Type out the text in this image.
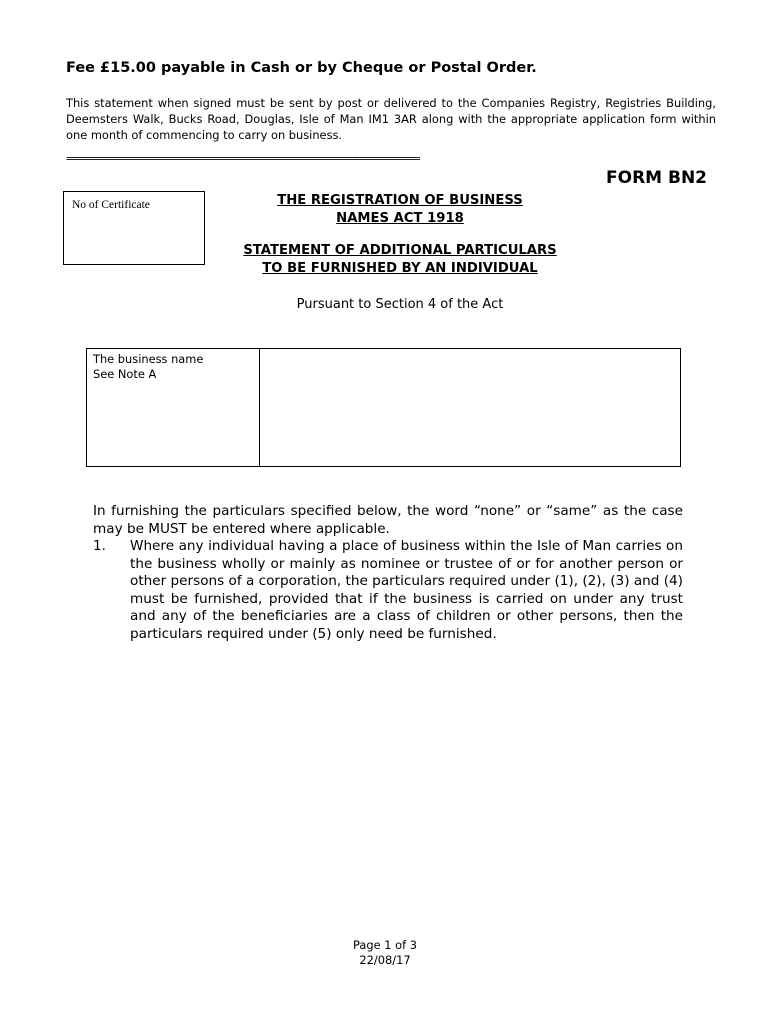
Fee £15.00 payable in Cash or by Cheque or Postal Order.
This statement when signed must be sent by post or delivered to the Companies Registry, Registries Building, Deemsters Walk, Bucks Road, Douglas, Isle of Man IM1 3AR along with the appropriate application form within one month of commencing to carry on business.
================================================================
FORM BN2
No of Certificate	THE REGISTRATION OF BUSINESS
NAMES ACT 1918
STATEMENT OF ADDITIONAL PARTICULARS
TO BE FURNISHED BY AN INDIVIDUAL
Pursuant to Section 4 of the Act
The business name
See Note A
In furnishing the particulars specified below, the word “none” or “same” as the case may be MUST be entered where applicable.
1. Where any individual having a place of business within the Isle of Man carries on the business wholly or mainly as nominee or trustee of or for another person or other persons of a corporation, the particulars required under (1), (2), (3) and (4) must be furnished, provided that if the business is carried on under any trust and any of the beneficiaries are a class of children or other persons, then the particulars required under (5) only need be furnished.
Page 1 of 3
22/08/17
